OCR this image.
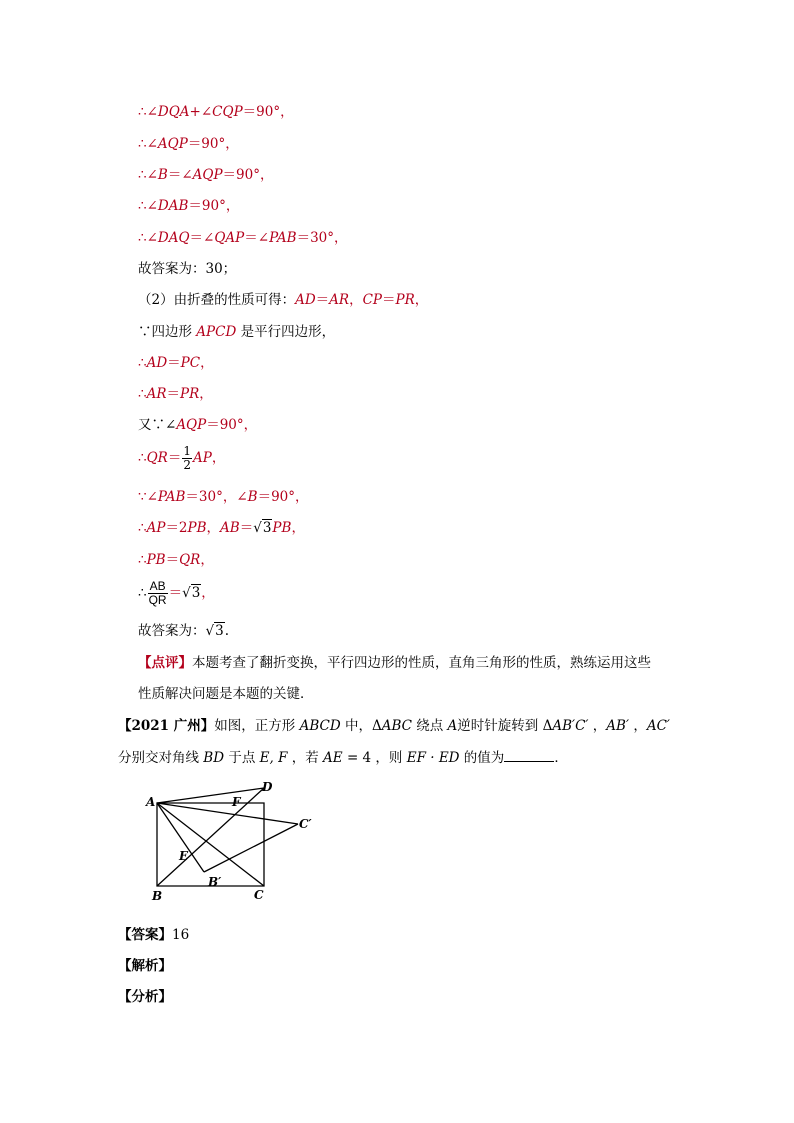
∴∠DQA+∠CQP＝90°，
∴∠AQP＝90°，
∴∠B＝∠AQP＝90°，
∴∠DAB＝90°，
∴∠DAQ＝∠QAP＝∠PAB＝30°，
故答案为：30；
（2）由折叠的性质可得：AD＝AR，CP＝PR，
∵四边形 APCD 是平行四边形，
∴AD＝PC，
∴AR＝PR，
又∵∠AQP＝90°，
∴QR＝ $\frac{1}{2}$ AP，
∵∠PAB＝30°，∠B＝90°，
∴AP＝2PB，AB＝√3PB，
∴PB＝QR，
∴ $\frac{AB}{QR} =√3$，
故答案为：√3.
【点评】本题考查了翻折变换，平行四边形的性质，直角三角形的性质，熟练运用这些
性质解决问题是本题的关键．
【2021 广州】如图，正方形 ABCD 中，ΔABC 绕点 A逆时针旋转到 ΔAB′C′ ，AB′ ，AC′
分别交对角线 BD 于点 E, F ，若 AE = 4 ，则 EF · ED 的值为	．
A
B	C
D
E
F
B′
C′
【答案】16
【解析】
【分析】
